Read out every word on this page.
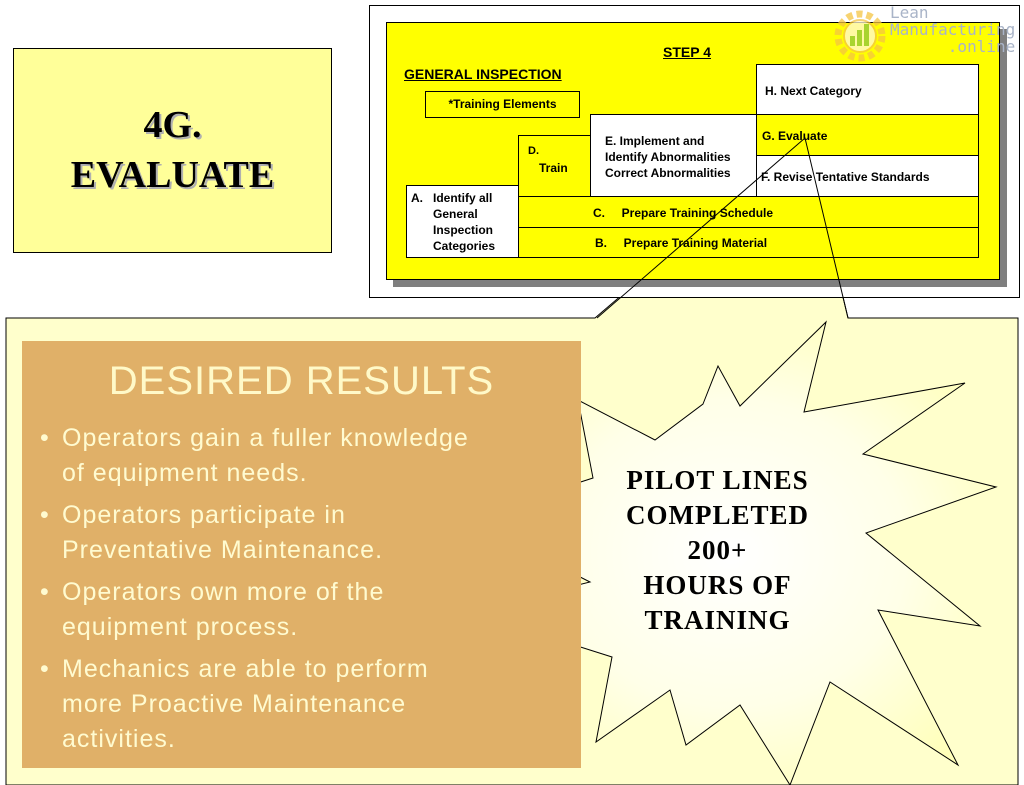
4G.
EVALUATE
STEP 4
GENERAL INSPECTION
*Training Elements
H. Next Category
G. Evaluate
F. Revise Tentative Standards
E. Implement and
Identify Abnormalities
Correct Abnormalities
D.
Train
C.     Prepare Training Schedule
B.     Prepare Training Material
A. Identify all
General
Inspection
Categories
DESIRED RESULTS
• Operators gain a fuller knowledge
of equipment needs.
• Operators participate in
Preventative Maintenance.
• Operators own more of the
equipment process.
• Mechanics are able to perform
more Proactive Maintenance
activities.
PILOT LINES
COMPLETED
200+
HOURS OF
TRAINING
Lean
Manufacturing
.online
